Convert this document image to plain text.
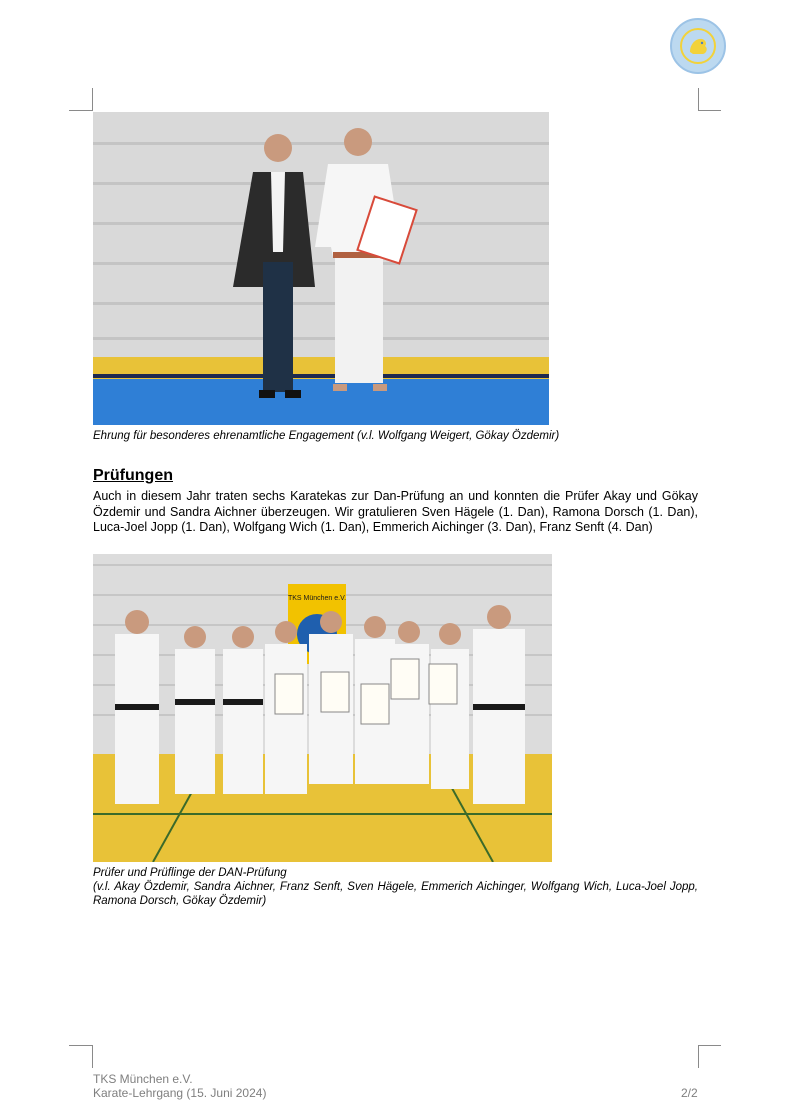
Ehrung für besonderes ehrenamtliche Engagement (v.l. Wolfgang Weigert, Gökay Özdemir)
Prüfungen
Auch in diesem Jahr traten sechs Karatekas zur Dan-Prüfung an und konnten die Prüfer Akay und Gökay Özdemir und Sandra Aichner überzeugen. Wir gratulieren Sven Hägele (1. Dan), Ramona Dorsch (1. Dan), Luca-Joel Jopp (1. Dan), Wolfgang Wich (1. Dan), Emmerich Aichinger (3. Dan), Franz Senft (4. Dan)
TKS München e.V.
Prüfer und Prüflinge der DAN-Prüfung
(v.l. Akay Özdemir, Sandra Aichner, Franz Senft, Sven Hägele, Emmerich Aichinger, Wolfgang Wich, Luca-Joel Jopp, Ramona Dorsch, Gökay Özdemir)
TKS München e.V.
Karate-Lehrgang (15. Juni 2024)	2/2
